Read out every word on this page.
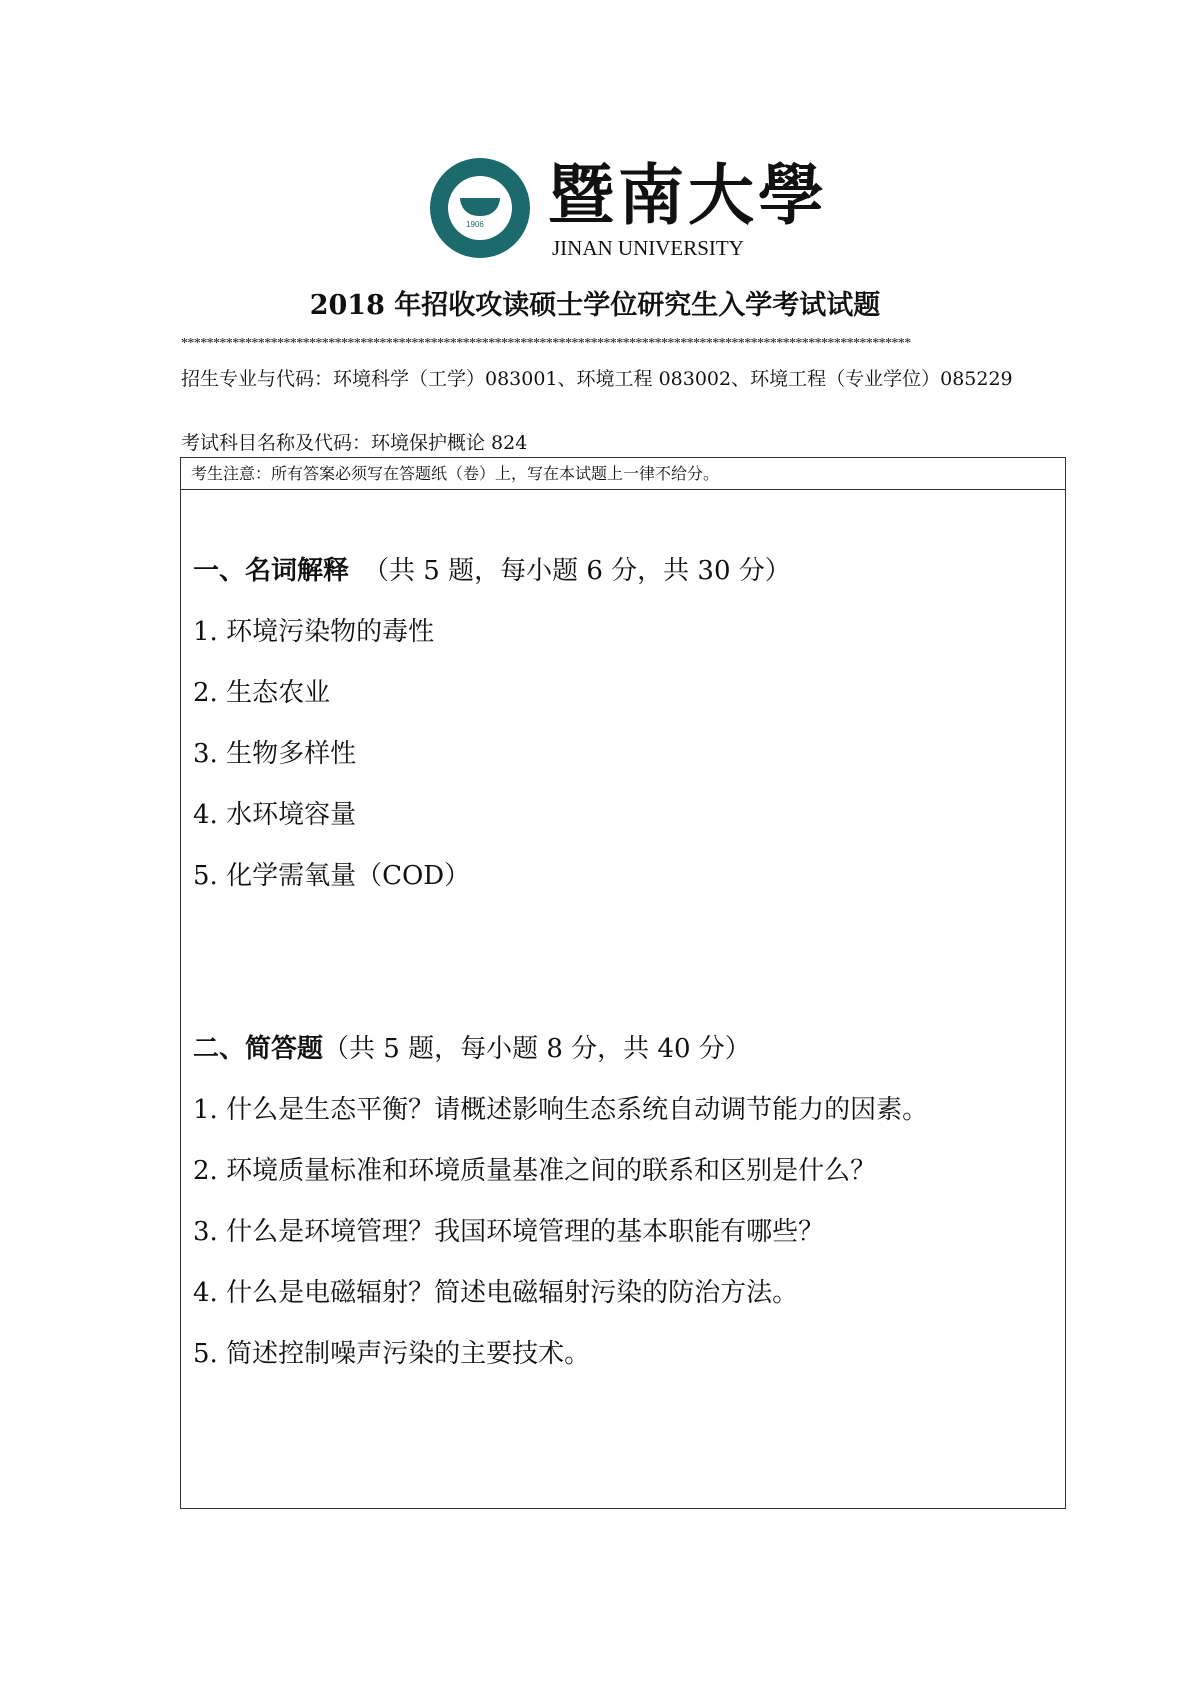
1906 暨南大學
JINAN UNIVERSITY
2018 年招收攻读硕士学位研究生入学考试试题
******************************************************************************************************************
招生专业与代码：环境科学（工学）083001、环境工程 083002、环境工程（专业学位）085229
考试科目名称及代码：环境保护概论 824
考生注意：所有答案必须写在答题纸（卷）上，写在本试题上一律不给分。
一、名词解释 （共 5 题，每小题 6 分，共 30 分）
1. 环境污染物的毒性
2. 生态农业
3. 生物多样性
4. 水环境容量
5. 化学需氧量（COD）
二、简答题（共 5 题，每小题 8 分，共 40 分）
1. 什么是生态平衡？请概述影响生态系统自动调节能力的因素。
2. 环境质量标准和环境质量基准之间的联系和区别是什么？
3. 什么是环境管理？我国环境管理的基本职能有哪些？
4. 什么是电磁辐射？简述电磁辐射污染的防治方法。
5. 简述控制噪声污染的主要技术。
